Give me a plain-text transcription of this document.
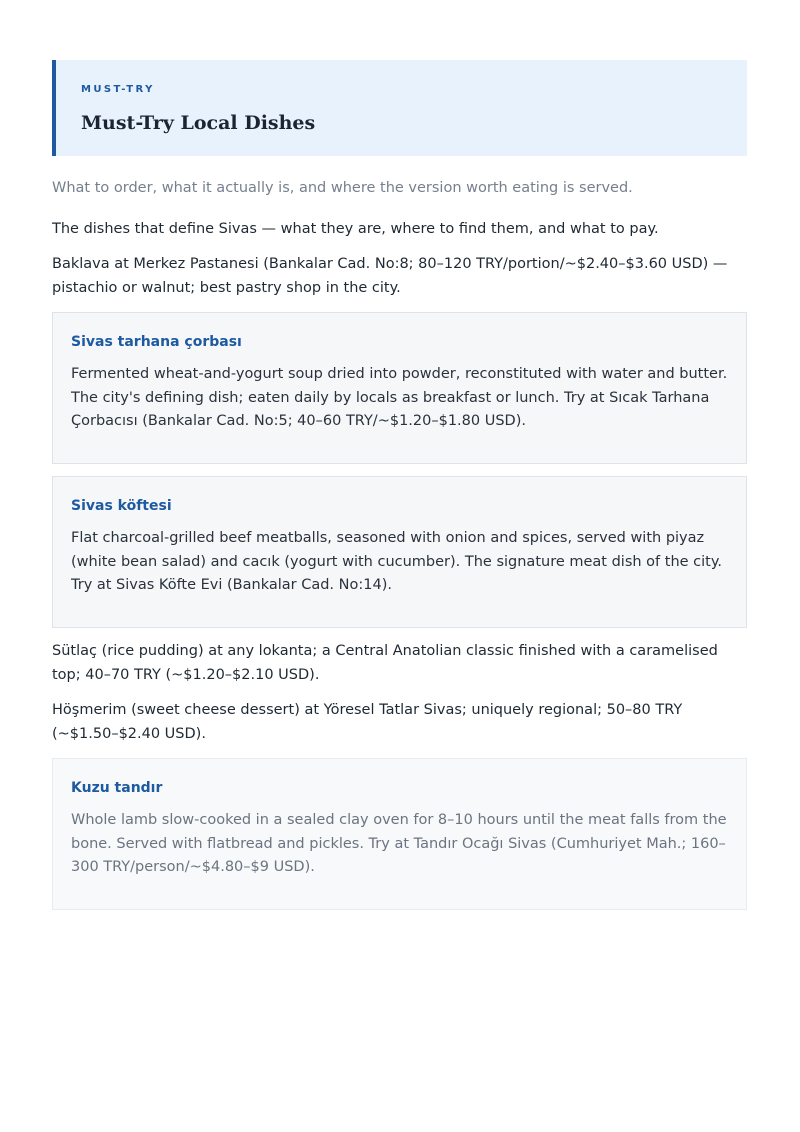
MUST-TRY
Must-Try Local Dishes
What to order, what it actually is, and where the version worth eating is served.
The dishes that define Sivas — what they are, where to find them, and what to pay.
Baklava at Merkez Pastanesi (Bankalar Cad. No:8; 80–120 TRY/portion/~$2.40–$3.60 USD) — pistachio or walnut; best pastry shop in the city.
Sivas tarhana çorbası
Fermented wheat-and-yogurt soup dried into powder, reconstituted with water and butter. The city's defining dish; eaten daily by locals as breakfast or lunch. Try at Sıcak Tarhana Çorbacısı (Bankalar Cad. No:5; 40–60 TRY/~$1.20–$1.80 USD).
Sivas köftesi
Flat charcoal-grilled beef meatballs, seasoned with onion and spices, served with piyaz (white bean salad) and cacık (yogurt with cucumber). The signature meat dish of the city. Try at Sivas Köfte Evi (Bankalar Cad. No:14).
Sütlaç (rice pudding) at any lokanta; a Central Anatolian classic finished with a caramelised top; 40–70 TRY (~$1.20–$2.10 USD).
Höşmerim (sweet cheese dessert) at Yöresel Tatlar Sivas; uniquely regional; 50–80 TRY (~$1.50–$2.40 USD).
Kuzu tandır
Whole lamb slow-cooked in a sealed clay oven for 8–10 hours until the meat falls from the bone. Served with flatbread and pickles. Try at Tandır Ocağı Sivas (Cumhuriyet Mah.; 160–300 TRY/person/~$4.80–$9 USD).
